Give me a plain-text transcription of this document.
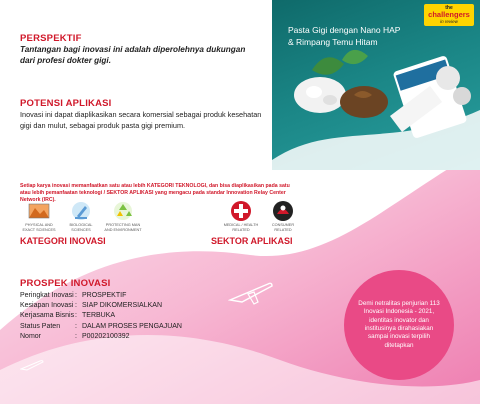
PERSPEKTIF
Tantangan bagi inovasi ini adalah diperolehnya dukungan dari profesi dokter gigi.
POTENSI APLIKASI
Inovasi ini dapat diaplikasikan secara komersial sebagai produk kesehatan gigi dan mulut, sebagai produk pasta gigi premium.
Pasta Gigi dengan Nano HAP
& Rimpang Temu Hitam
the
challengers
in review
Setiap karya inovasi memanfaatkan satu atau lebih KATEGORI TEKNOLOGI, dan bisa diaplikasikan pada satu atau lebih pemanfaatan teknologi / SEKTOR APLIKASI yang mengacu pada standar Innovation Relay Center Network (IRC).
PHYSICAL AND EXACT SCIENCES
BIOLOGICAL SCIENCES
PROTECTING MAN AND ENVIRONMENT
KATEGORI INOVASI
MEDICAL / HEALTH RELATED
CONSUMER RELATED
SEKTOR APLIKASI
PROSPEK INOVASI
Peringkat Inovasi : PROSPEKTIF
Kesiapan Inovasi : SIAP DIKOMERSIALKAN
Kerjasama Bisnis : TERBUKA
Status Paten	: DALAM PROSES PENGAJUAN
Nomor	: P00202100392
Demi netralitas penjurian 113 Inovasi Indonesia - 2021, identitas inovator dan institusinya dirahasiakan sampai inovasi terpilih ditetapkan
